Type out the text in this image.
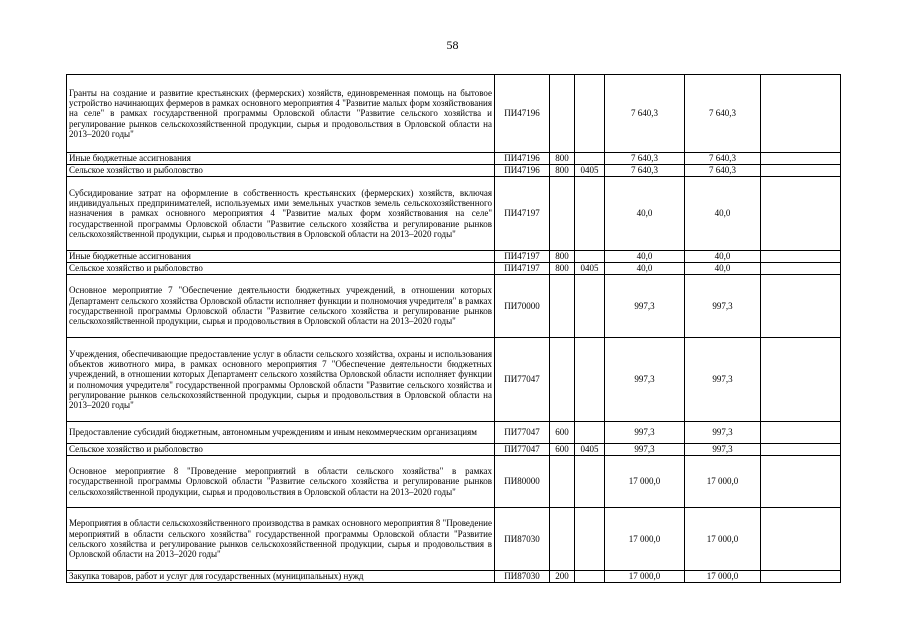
58
Гранты на создание и развитие крестьянских (фермерских) хозяйств, единовременная помощь на бытовое устройство начинающих фермеров в рамках основного мероприятия 4 "Развитие малых форм хозяйствования на селе" в рамках государственной программы Орловской области "Развитие сельского хозяйства и регулирование рынков сельскохозяйственной продукции, сырья и продовольствия в Орловской области на 2013–2020 годы"	ПИ47196			7 640,3	7 640,3	
Иные бюджетные ассигнования	ПИ47196	800		7 640,3	7 640,3	
Сельское хозяйство и рыболовство	ПИ47196	800	0405	7 640,3	7 640,3	
Субсидирование затрат на оформление в собственность крестьянских (фермерских) хозяйств, включая индивидуальных предпринимателей, используемых ими земельных участков земель сельскохозяйственного назначения в рамках основного мероприятия 4 "Развитие малых форм хозяйствования на селе" государственной программы Орловской области "Развитие сельского хозяйства и регулирование рынков сельскохозяйственной продукции, сырья и продовольствия в Орловской области на 2013–2020 годы"	ПИ47197			40,0	40,0	
Иные бюджетные ассигнования	ПИ47197	800		40,0	40,0	
Сельское хозяйство и рыболовство	ПИ47197	800	0405	40,0	40,0	
Основное мероприятие 7 "Обеспечение деятельности бюджетных учреждений, в отношении которых Департамент сельского хозяйства Орловской области исполняет функции и полномочия учредителя" в рамках государственной программы Орловской области "Развитие сельского хозяйства и регулирование рынков сельскохозяйственной продукции, сырья и продовольствия в Орловской области на 2013–2020 годы"	ПИ70000			997,3	997,3	
Учреждения, обеспечивающие предоставление услуг в области сельского хозяйства, охраны и использования объектов животного мира, в рамках основного мероприятия 7 "Обеспечение деятельности бюджетных учреждений, в отношении которых Департамент сельского хозяйства Орловской области исполняет функции и полномочия учредителя" государственной программы Орловской области "Развитие сельского хозяйства и регулирование рынков сельскохозяйственной продукции, сырья и продовольствия в Орловской области на 2013–2020 годы"	ПИ77047			997,3	997,3	
Предоставление субсидий бюджетным, автономным учреждениям и иным некоммерческим организациям	ПИ77047	600		997,3	997,3	
Сельское хозяйство и рыболовство	ПИ77047	600	0405	997,3	997,3	
Основное мероприятие 8 "Проведение мероприятий в области сельского хозяйства" в рамках государственной программы Орловской области "Развитие сельского хозяйства и регулирование рынков сельскохозяйственной продукции, сырья и продовольствия в Орловской области на 2013–2020 годы"	ПИ80000			17 000,0	17 000,0	
Мероприятия в области сельскохозяйственного производства в рамках основного мероприятия 8 "Проведение мероприятий в области сельского хозяйства" государственной программы Орловской области "Развитие сельского хозяйства и регулирование рынков сельскохозяйственной продукции, сырья и продовольствия в Орловской области на 2013–2020 годы"	ПИ87030			17 000,0	17 000,0	
Закупка товаров, работ и услуг для государственных (муниципальных) нужд	ПИ87030	200		17 000,0	17 000,0	
